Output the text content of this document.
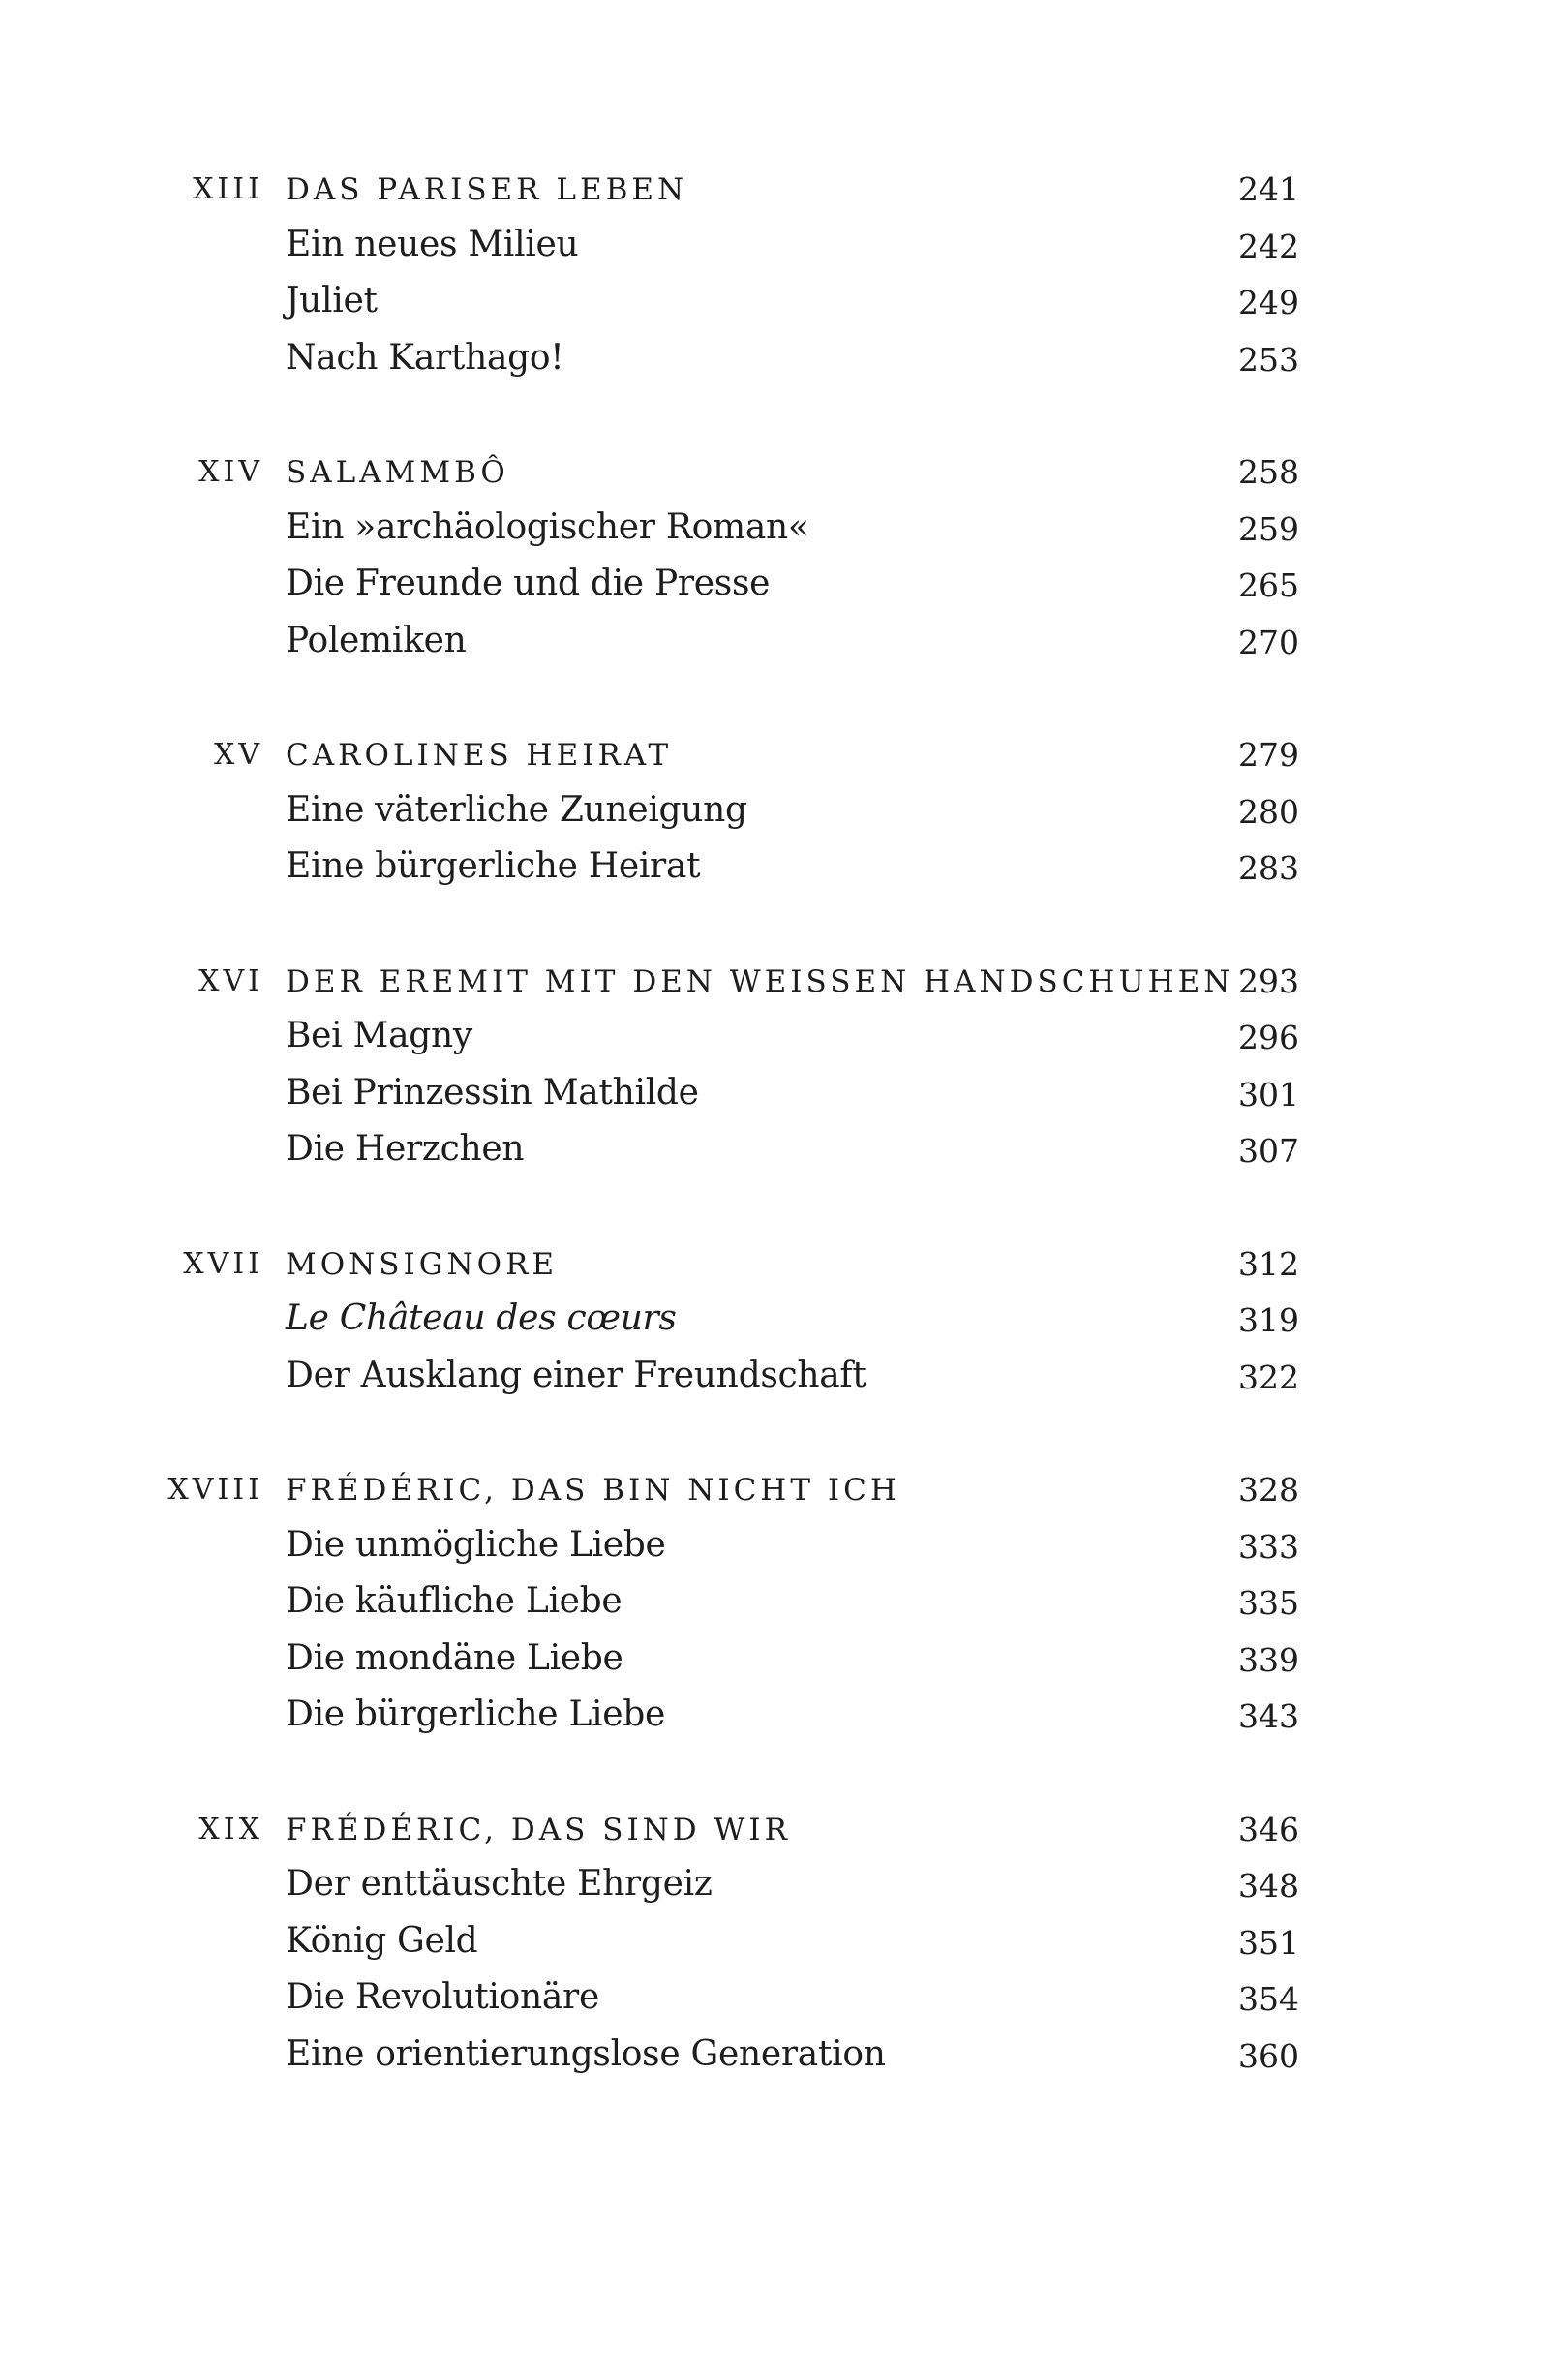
XIII DAS PARISER LEBEN	241
Ein neues Milieu	242
Juliet	249
Nach Karthago!	253
XIV SALAMMBÔ	258
Ein »archäologischer Roman«	259
Die Freunde und die Presse	265
Polemiken	270
XV CAROLINES HEIRAT	279
Eine väterliche Zuneigung	280
Eine bürgerliche Heirat	283
XVI DER EREMIT MIT DEN WEISSEN HANDSCHUHEN 293
Bei Magny	296
Bei Prinzessin Mathilde	301
Die Herzchen	307
XVII MONSIGNORE	312
Le Château des cœurs	319
Der Ausklang einer Freundschaft	322
XVIII FRÉDÉRIC, DAS BIN NICHT ICH	328
Die unmögliche Liebe	333
Die käufliche Liebe	335
Die mondäne Liebe	339
Die bürgerliche Liebe	343
XIX FRÉDÉRIC, DAS SIND WIR	346
Der enttäuschte Ehrgeiz	348
König Geld	351
Die Revolutionäre	354
Eine orientierungslose Generation	360
